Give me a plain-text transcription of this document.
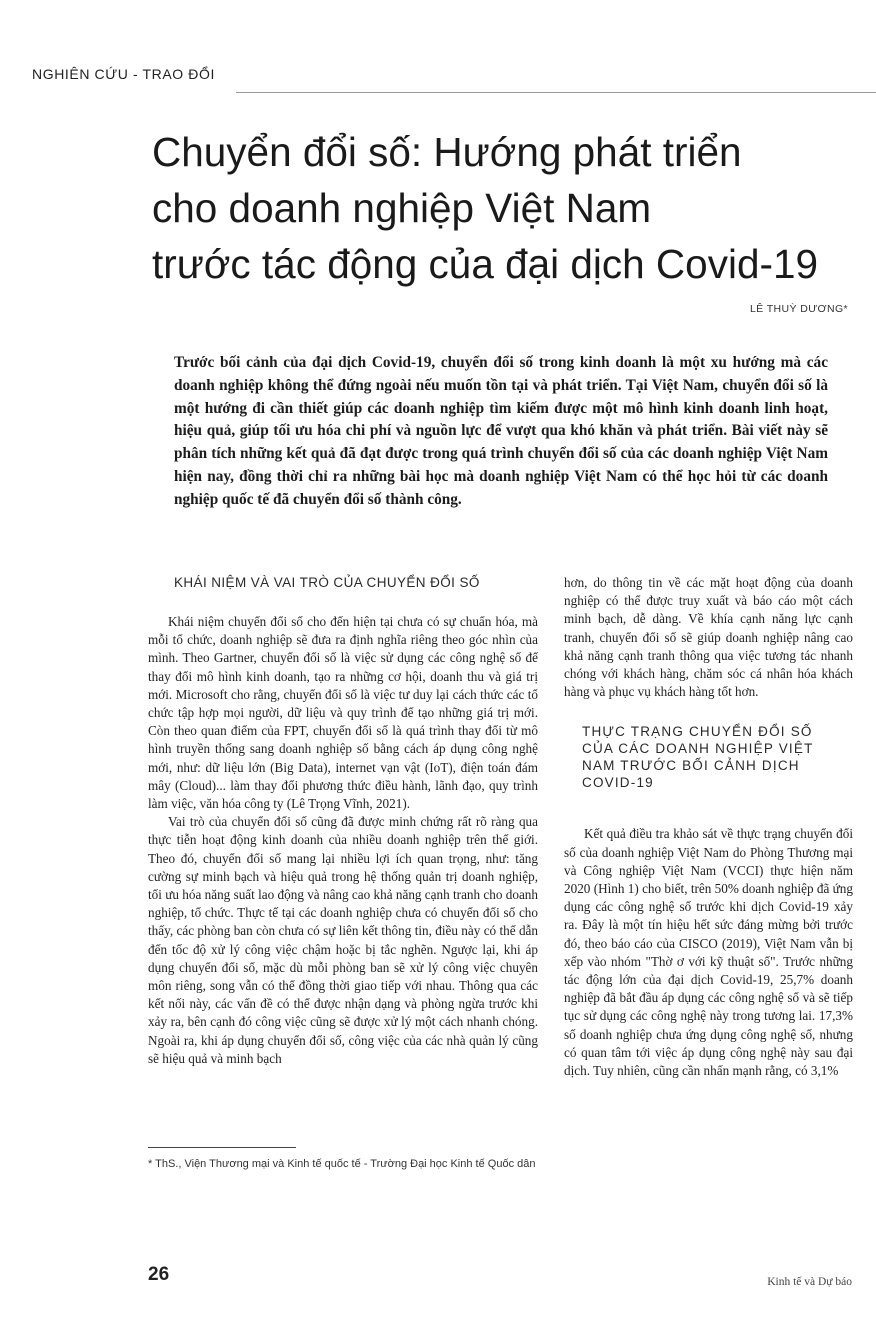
NGHIÊN CỨU - TRAO ĐỔI
Chuyển đổi số: Hướng phát triển
cho doanh nghiệp Việt Nam
trước tác động của đại dịch Covid-19
LÊ THUỲ DƯƠNG*

Trước bối cảnh của đại dịch Covid-19, chuyển đổi số trong kinh doanh là một xu hướng mà các doanh nghiệp không thể đứng ngoài nếu muốn tồn tại và phát triển. Tại Việt Nam, chuyển đổi số là một hướng đi cần thiết giúp các doanh nghiệp tìm kiếm được một mô hình kinh doanh linh hoạt, hiệu quả, giúp tối ưu hóa chi phí và nguồn lực để vượt qua khó khăn và phát triển. Bài viết này sẽ phân tích những kết quả đã đạt được trong quá trình chuyển đổi số của các doanh nghiệp Việt Nam hiện nay, đồng thời chỉ ra những bài học mà doanh nghiệp Việt Nam có thể học hỏi từ các doanh nghiệp quốc tế đã chuyển đổi số thành công.

KHÁI NIỆM VÀ VAI TRÒ CỦA CHUYỂN ĐỔI SỐ

Khái niệm chuyển đổi số cho đến hiện tại chưa có sự chuẩn hóa, mà mỗi tổ chức, doanh nghiệp sẽ đưa ra định nghĩa riêng theo góc nhìn của mình. Theo Gartner, chuyển đổi số là việc sử dụng các công nghệ số để thay đổi mô hình kinh doanh, tạo ra những cơ hội, doanh thu và giá trị mới. Microsoft cho rằng, chuyển đổi số là việc tư duy lại cách thức các tổ chức tập hợp mọi người, dữ liệu và quy trình để tạo những giá trị mới. Còn theo quan điểm của FPT, chuyển đổi số là quá trình thay đổi từ mô hình truyền thống sang doanh nghiệp số bằng cách áp dụng công nghệ mới, như: dữ liệu lớn (Big Data), internet vạn vật (IoT), điện toán đám mây (Cloud)... làm thay đổi phương thức điều hành, lãnh đạo, quy trình làm việc, văn hóa công ty (Lê Trọng Vĩnh, 2021).

Vai trò của chuyển đổi số cũng đã được minh chứng rất rõ ràng qua thực tiễn hoạt động kinh doanh của nhiều doanh nghiệp trên thế giới. Theo đó, chuyển đổi số mang lại nhiều lợi ích quan trọng, như: tăng cường sự minh bạch và hiệu quả trong hệ thống quản trị doanh nghiệp, tối ưu hóa năng suất lao động và nâng cao khả năng cạnh tranh cho doanh nghiệp, tổ chức. Thực tế tại các doanh nghiệp chưa có chuyển đổi số cho thấy, các phòng ban còn chưa có sự liên kết thông tin, điều này có thể dẫn đến tốc độ xử lý công việc chậm hoặc bị tắc nghẽn. Ngược lại, khi áp dụng chuyển đổi số, mặc dù mỗi phòng ban sẽ xử lý công việc chuyên môn riêng, song vẫn có thể đồng thời giao tiếp với nhau. Thông qua các kết nối này, các vấn đề có thể được nhận dạng và phòng ngừa trước khi xảy ra, bên cạnh đó công việc cũng sẽ được xử lý một cách nhanh chóng. Ngoài ra, khi áp dụng chuyển đổi số, công việc của các nhà quản lý cũng sẽ hiệu quả và minh bạch

hơn, do thông tin về các mặt hoạt động của doanh nghiệp có thể được truy xuất và báo cáo một cách minh bạch, dễ dàng. Về khía cạnh năng lực cạnh tranh, chuyển đổi số sẽ giúp doanh nghiệp nâng cao khả năng cạnh tranh thông qua việc tương tác nhanh chóng với khách hàng, chăm sóc cá nhân hóa khách hàng và phục vụ khách hàng tốt hơn.

THỰC TRẠNG CHUYỂN ĐỔI SỐ
CỦA CÁC DOANH NGHIỆP VIỆT
NAM TRƯỚC BỐI CẢNH DỊCH
COVID-19

Kết quả điều tra khảo sát về thực trạng chuyển đổi số của doanh nghiệp Việt Nam do Phòng Thương mại và Công nghiệp Việt Nam (VCCI) thực hiện năm 2020 (Hình 1) cho biết, trên 50% doanh nghiệp đã ứng dụng các công nghệ số trước khi dịch Covid-19 xảy ra. Đây là một tín hiệu hết sức đáng mừng bởi trước đó, theo báo cáo của CISCO (2019), Việt Nam vẫn bị xếp vào nhóm "Thờ ơ với kỹ thuật số". Trước những tác động lớn của đại dịch Covid-19, 25,7% doanh nghiệp đã bắt đầu áp dụng các công nghệ số và sẽ tiếp tục sử dụng các công nghệ này trong tương lai. 17,3% số doanh nghiệp chưa ứng dụng công nghệ số, nhưng có quan tâm tới việc áp dụng công nghệ này sau đại dịch. Tuy nhiên, cũng cần nhấn mạnh rằng, có 3,1%

* ThS., Viện Thương mại và Kinh tế quốc tế - Trường Đại học Kinh tế Quốc dân
26	Kinh tế và Dự báo
